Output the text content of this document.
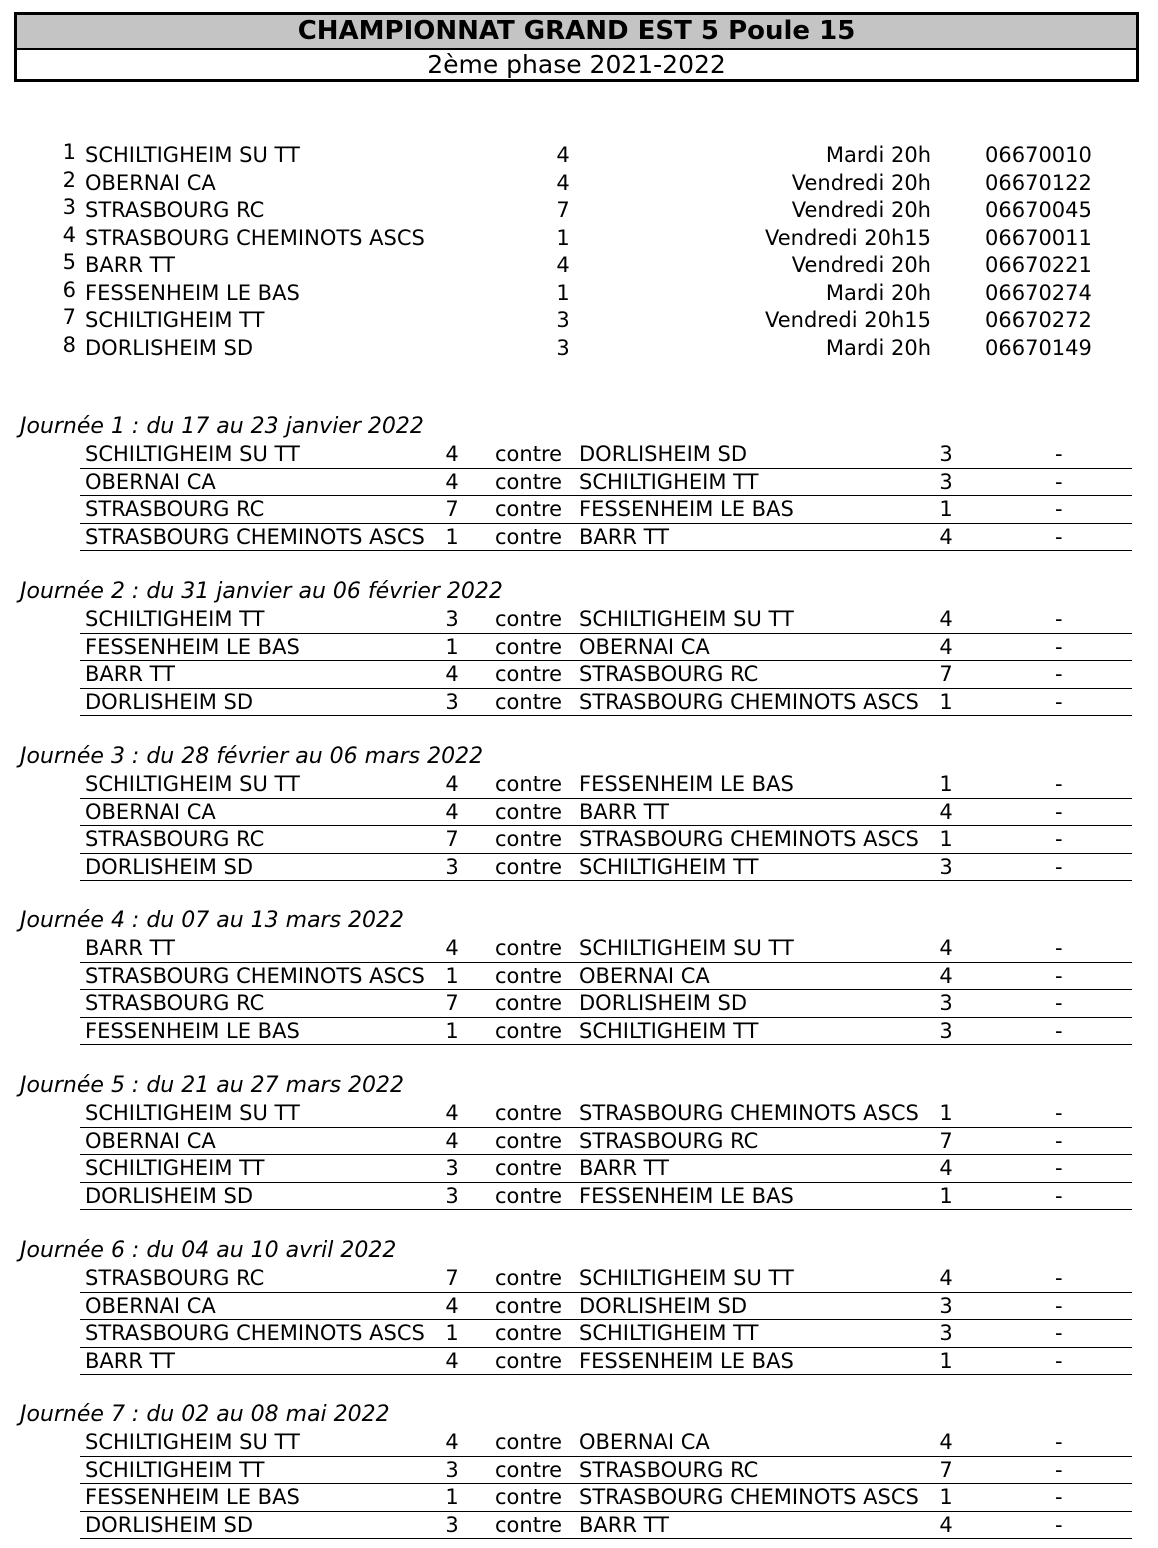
CHAMPIONNAT GRAND EST 5 Poule 15
2ème phase 2021-2022
1 SCHILTIGHEIM SU TT	4	Mardi 20h	06670010
2 OBERNAI CA	4	Vendredi 20h	06670122
3 STRASBOURG RC	7	Vendredi 20h	06670045
4 STRASBOURG CHEMINOTS ASCS	1	Vendredi 20h15	06670011
5 BARR TT	4	Vendredi 20h	06670221
6 FESSENHEIM LE BAS	1	Mardi 20h	06670274
7 SCHILTIGHEIM TT	3	Vendredi 20h15	06670272
8 DORLISHEIM SD	3	Mardi 20h	06670149
Journée 1 : du 17 au 23 janvier 2022
SCHILTIGHEIM SU TT	4 contre DORLISHEIM SD	3	-
OBERNAI CA	4 contre SCHILTIGHEIM TT	3	-
STRASBOURG RC	7 contre FESSENHEIM LE BAS	1	-
STRASBOURG CHEMINOTS ASCS 1 contre BARR TT	4	-
Journée 2 : du 31 janvier au 06 février 2022
SCHILTIGHEIM TT	3 contre SCHILTIGHEIM SU TT	4	-
FESSENHEIM LE BAS	1 contre OBERNAI CA	4	-
BARR TT	4 contre STRASBOURG RC	7	-
DORLISHEIM SD	3 contre STRASBOURG CHEMINOTS ASCS 1	-
Journée 3 : du 28 février au 06 mars 2022
SCHILTIGHEIM SU TT	4 contre FESSENHEIM LE BAS	1	-
OBERNAI CA	4 contre BARR TT	4	-
STRASBOURG RC	7 contre STRASBOURG CHEMINOTS ASCS 1	-
DORLISHEIM SD	3 contre SCHILTIGHEIM TT	3	-
Journée 4 : du 07 au 13 mars 2022
BARR TT	4 contre SCHILTIGHEIM SU TT	4	-
STRASBOURG CHEMINOTS ASCS 1 contre OBERNAI CA	4	-
STRASBOURG RC	7 contre DORLISHEIM SD	3	-
FESSENHEIM LE BAS	1 contre SCHILTIGHEIM TT	3	-
Journée 5 : du 21 au 27 mars 2022
SCHILTIGHEIM SU TT	4 contre STRASBOURG CHEMINOTS ASCS 1	-
OBERNAI CA	4 contre STRASBOURG RC	7	-
SCHILTIGHEIM TT	3 contre BARR TT	4	-
DORLISHEIM SD	3 contre FESSENHEIM LE BAS	1	-
Journée 6 : du 04 au 10 avril 2022
STRASBOURG RC	7 contre SCHILTIGHEIM SU TT	4	-
OBERNAI CA	4 contre DORLISHEIM SD	3	-
STRASBOURG CHEMINOTS ASCS 1 contre SCHILTIGHEIM TT	3	-
BARR TT	4 contre FESSENHEIM LE BAS	1	-
Journée 7 : du 02 au 08 mai 2022
SCHILTIGHEIM SU TT	4 contre OBERNAI CA	4	-
SCHILTIGHEIM TT	3 contre STRASBOURG RC	7	-
FESSENHEIM LE BAS	1 contre STRASBOURG CHEMINOTS ASCS 1	-
DORLISHEIM SD	3 contre BARR TT	4	-
